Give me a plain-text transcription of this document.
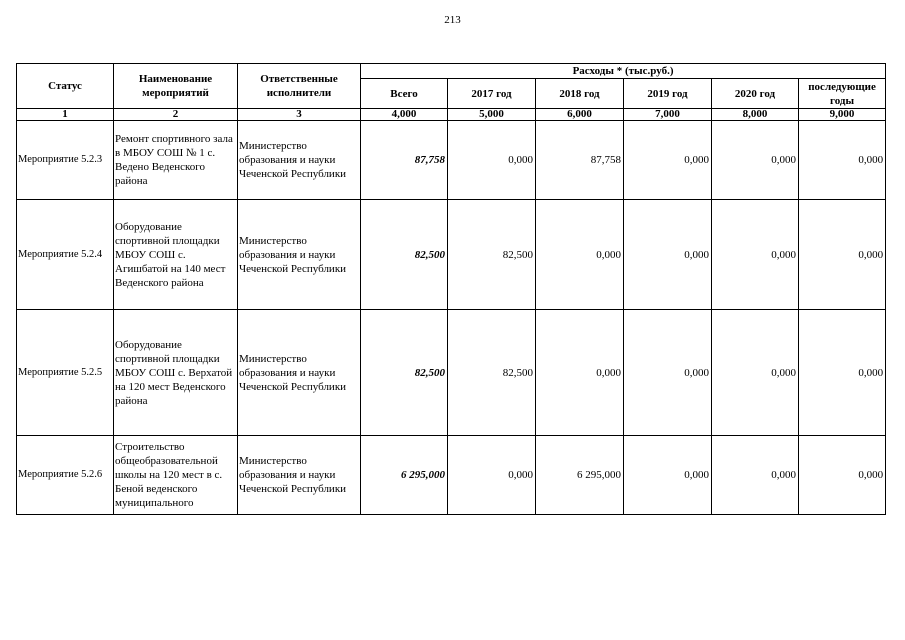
213
Статус	Наименование мероприятий	Ответственные исполнители	Расходы * (тыс.руб.)					
			Всего	2017 год	2018 год	2019 год	2020 год	последующие годы
1	2	3	4,000	5,000	6,000	7,000	8,000	9,000
Мероприятие 5.2.3	Ремонт спортивного зала в МБОУ СОШ № 1 с. Ведено Веденского района	Министерство образования и науки Чеченской Республики	87,758	0,000	87,758	0,000	0,000	0,000
Мероприятие 5.2.4	Оборудование спортивной площадки МБОУ СОШ с. Агишбатой на 140 мест Веденского района	Министерство образования и науки Чеченской Республики	82,500	82,500	0,000	0,000	0,000	0,000
Мероприятие 5.2.5	Оборудование спортивной площадки МБОУ СОШ с. Верхатой на 120 мест Веденского района	Министерство образования и науки Чеченской Республики	82,500	82,500	0,000	0,000	0,000	0,000
Мероприятие 5.2.6	Строительство общеобразовательной школы на 120 мест в с. Беной веденского муниципального	Министерство образования и науки Чеченской Республики	6 295,000	0,000	6 295,000	0,000	0,000	0,000
